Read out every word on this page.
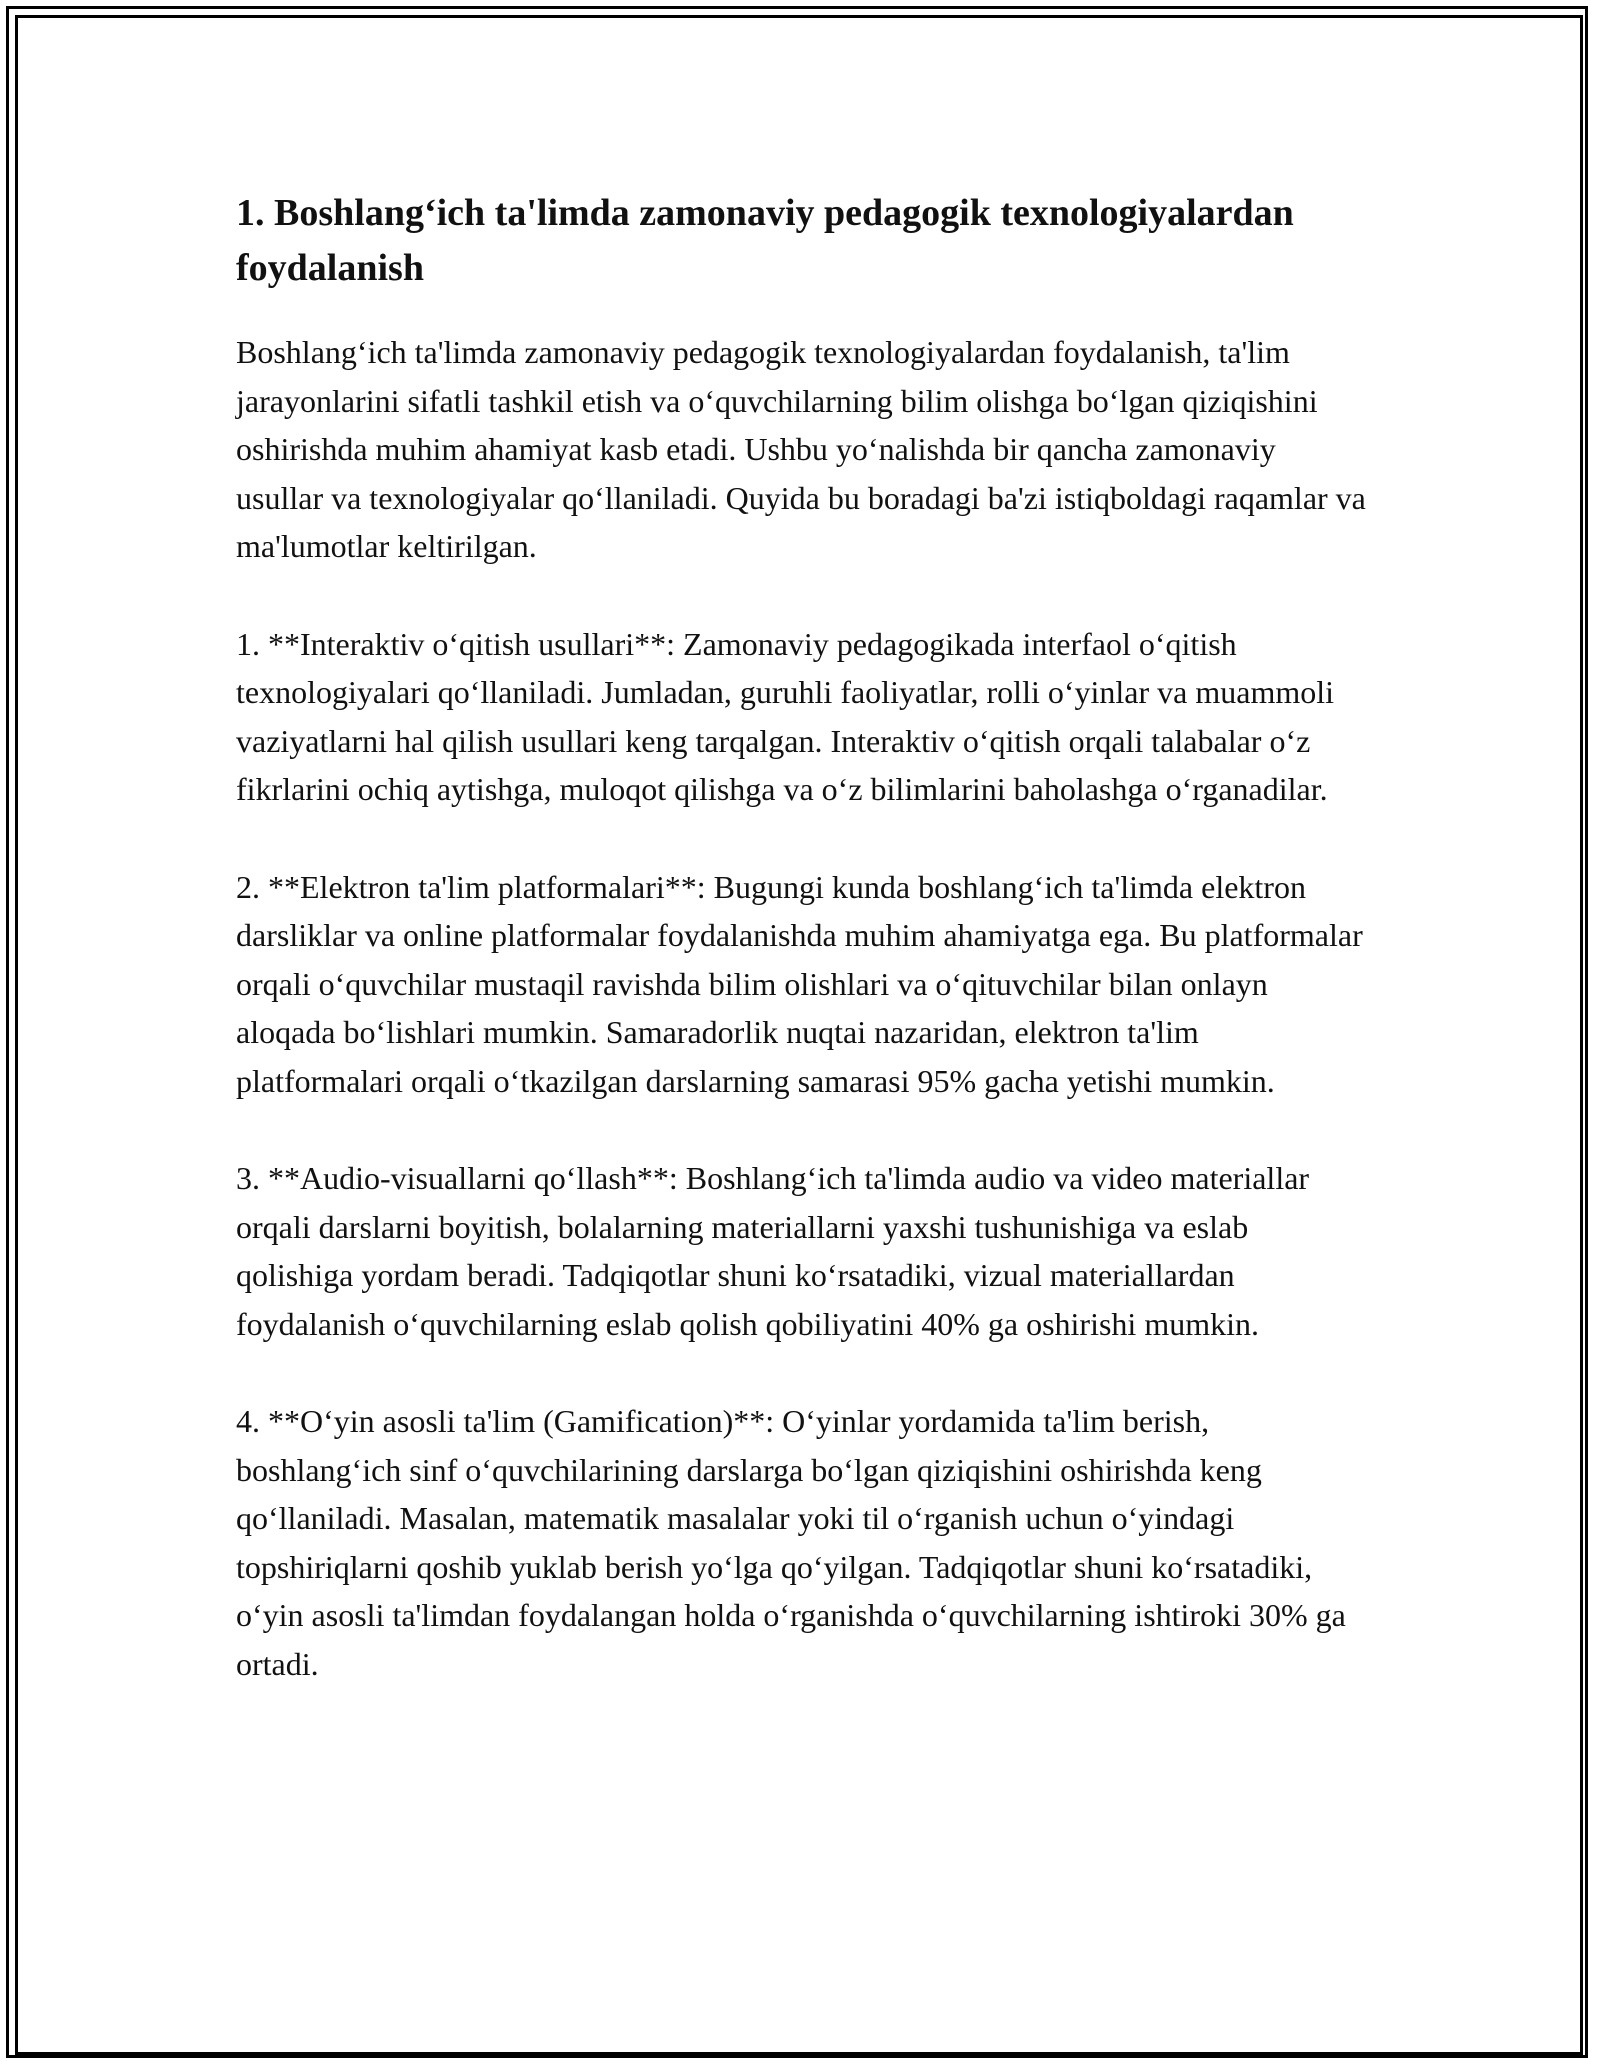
1. Boshlang‘ich ta'limda zamonaviy pedagogik texnologiyalardan foydalanish

Boshlang‘ich ta'limda zamonaviy pedagogik texnologiyalardan foydalanish, ta'lim jarayonlarini sifatli tashkil etish va o‘quvchilarning bilim olishga bo‘lgan qiziqishini oshirishda muhim ahamiyat kasb etadi. Ushbu yo‘nalishda bir qancha zamonaviy usullar va texnologiyalar qo‘llaniladi. Quyida bu boradagi ba'zi istiqboldagi raqamlar va ma'lumotlar keltirilgan.

1. **Interaktiv o‘qitish usullari**: Zamonaviy pedagogikada interfaol o‘qitish texnologiyalari qo‘llaniladi. Jumladan, guruhli faoliyatlar, rolli o‘yinlar va muammoli vaziyatlarni hal qilish usullari keng tarqalgan. Interaktiv o‘qitish orqali talabalar o‘z fikrlarini ochiq aytishga, muloqot qilishga va o‘z bilimlarini baholashga o‘rganadilar.

2. **Elektron ta'lim platformalari**: Bugungi kunda boshlang‘ich ta'limda elektron darsliklar va online platformalar foydalanishda muhim ahamiyatga ega. Bu platformalar orqali o‘quvchilar mustaqil ravishda bilim olishlari va o‘qituvchilar bilan onlayn aloqada bo‘lishlari mumkin. Samaradorlik nuqtai nazaridan, elektron ta'lim platformalari orqali o‘tkazilgan darslarning samarasi 95% gacha yetishi mumkin.

3. **Audio-visuallarni qo‘llash**: Boshlang‘ich ta'limda audio va video materiallar orqali darslarni boyitish, bolalarning materiallarni yaxshi tushunishiga va eslab qolishiga yordam beradi. Tadqiqotlar shuni ko‘rsatadiki, vizual materiallardan foydalanish o‘quvchilarning eslab qolish qobiliyatini 40% ga oshirishi mumkin.

4. **O‘yin asosli ta'lim (Gamification)**: O‘yinlar yordamida ta'lim berish, boshlang‘ich sinf o‘quvchilarining darslarga bo‘lgan qiziqishini oshirishda keng qo‘llaniladi. Masalan, matematik masalalar yoki til o‘rganish uchun o‘yindagi topshiriqlarni qoshib yuklab berish yo‘lga qo‘yilgan. Tadqiqotlar shuni ko‘rsatadiki, o‘yin asosli ta'limdan foydalangan holda o‘rganishda o‘quvchilarning ishtiroki 30% ga ortadi.
